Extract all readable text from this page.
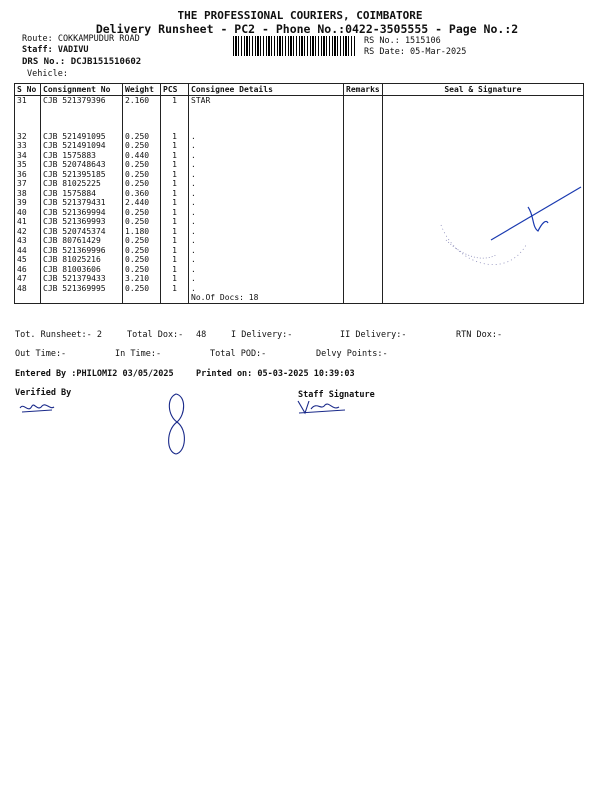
THE PROFESSIONAL COURIERS, COIMBATORE
Delivery Runsheet - PC2 - Phone No.:0422-3505555 - Page No.:2
Route: COKKAMPUDUR ROAD
Staff: VADIVU
DRS No.: DCJB151510602
Vehicle:
RS No.: 1515106
RS Date: 05-Mar-2025
S No	Consignment No	Weight	PCS	Consignee Details	Remarks	Seal & Signature
31	CJB 521379396	2.160	1	STAR		

32	CJB 521491095	0.250	1	.		
33	CJB 521491094	0.250	1	.		
34	CJB 1575883	0.440	1	.		
35	CJB 520748643	0.250	1	.		
36	CJB 521395185	0.250	1	.		
37	CJB 81025225	0.250	1	.		
38	CJB 1575884	0.360	1	.		
39	CJB 521379431	2.440	1	.		
40	CJB 521369994	0.250	1	.		
41	CJB 521369993	0.250	1	.		
42	CJB 520745374	1.180	1	.		
43	CJB 80761429	0.250	1	.		
44	CJB 521369996	0.250	1	.		
45	CJB 81025216	0.250	1	.		
46	CJB 81003606	0.250	1	.		
47	CJB 521379433	3.210	1	.		
48	CJB 521369995	0.250	1	.		
				No.Of Docs: 18		
Tot. Runsheet:- 2	Total Dox:- 48	I Delivery:-	II Delivery:-	RTN Dox:-
Out Time:-	In Time:-	Total POD:-	Delvy Points:-
Entered By :PHILOMI2 03/05/2025	Printed on: 05-03-2025 10:39:03
Verified By	Staff Signature
